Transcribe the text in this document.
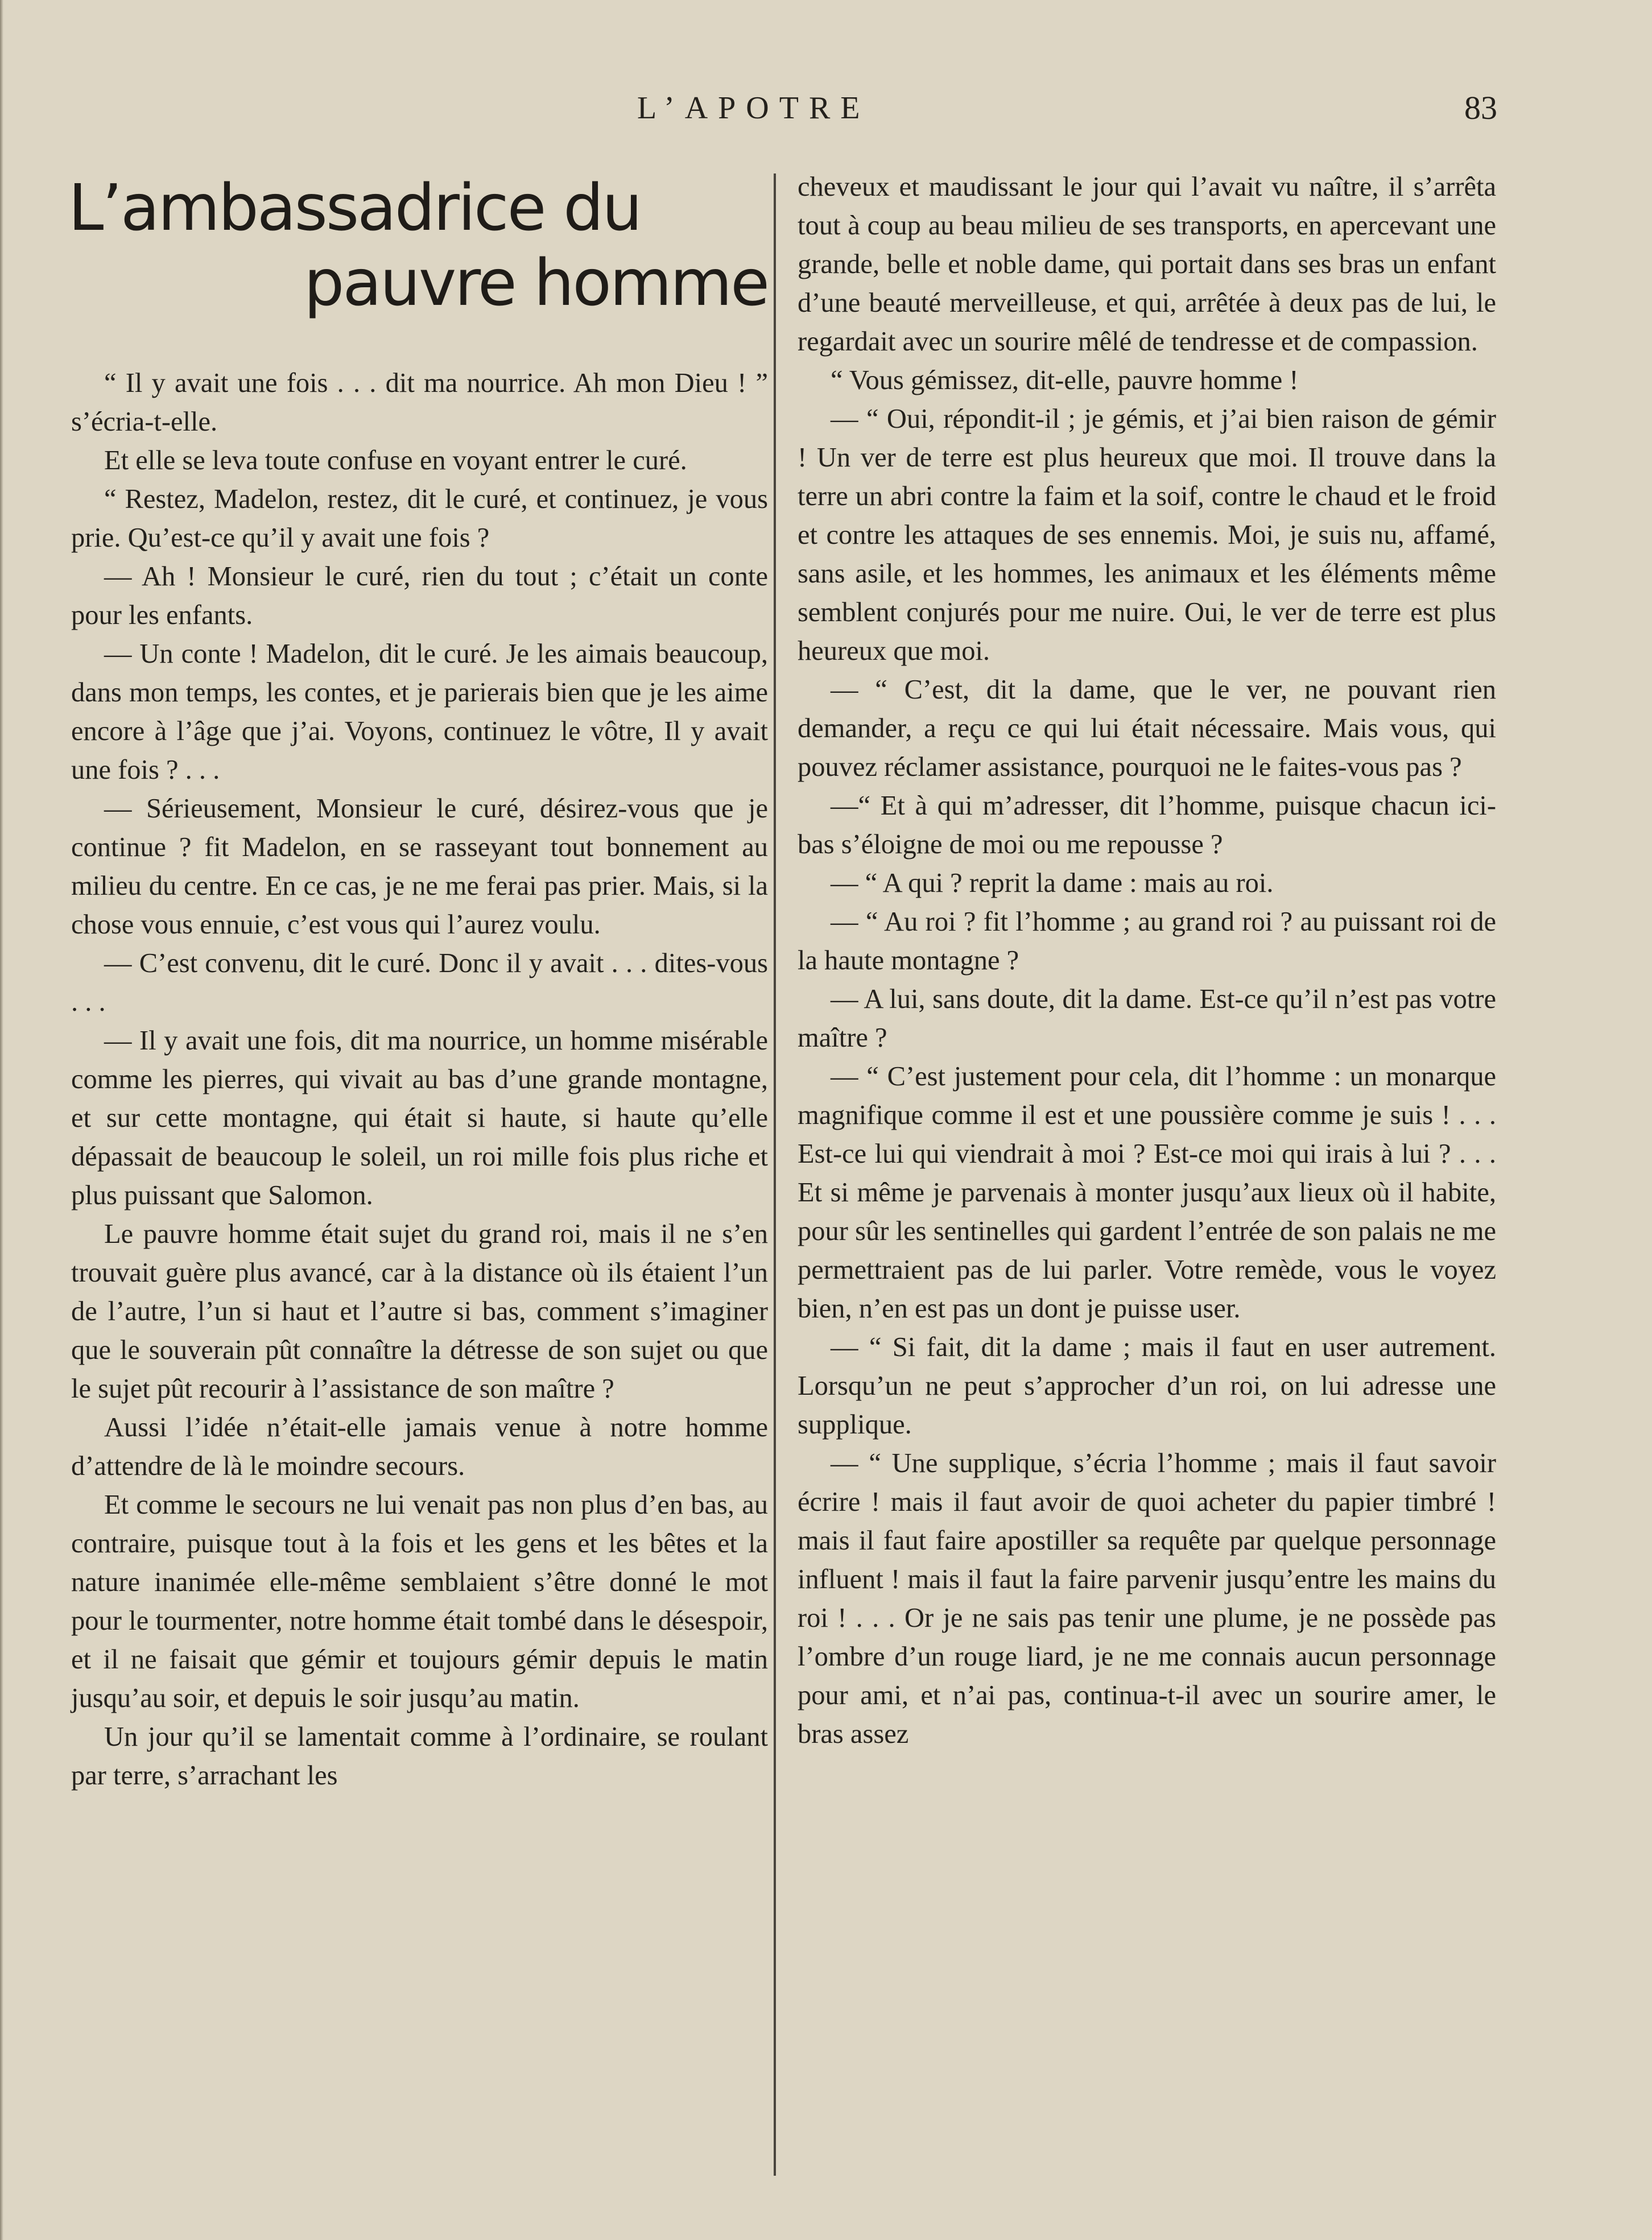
L’APOTRE	83
L’ambassadrice du
pauvre homme

“ Il y avait une fois . . . dit ma nourrice. Ah mon Dieu ! ” s’écria-t-elle.

Et elle se leva toute confuse en voyant entrer le curé.

“ Restez, Madelon, restez, dit le curé, et continuez, je vous prie. Qu’est-ce qu’il y avait une fois ?

— Ah ! Monsieur le curé, rien du tout ; c’était un conte pour les enfants.

— Un conte ! Madelon, dit le curé. Je les aimais beaucoup, dans mon temps, les contes, et je parierais bien que je les aime encore à l’âge que j’ai. Voyons, continuez le vôtre, Il y avait une fois ? . . .

— Sérieusement, Monsieur le curé, désirez-vous que je continue ? fit Madelon, en se rasseyant tout bonnement au milieu du centre. En ce cas, je ne me ferai pas prier. Mais, si la chose vous ennuie, c’est vous qui l’aurez voulu.

— C’est convenu, dit le curé. Donc il y avait . . . dites-vous . . .

— Il y avait une fois, dit ma nourrice, un homme misérable comme les pierres, qui vivait au bas d’une grande montagne, et sur cette montagne, qui était si haute, si haute qu’elle dépassait de beaucoup le soleil, un roi mille fois plus riche et plus puissant que Salomon.

Le pauvre homme était sujet du grand roi, mais il ne s’en trouvait guère plus avancé, car à la distance où ils étaient l’un de l’autre, l’un si haut et l’autre si bas, comment s’imaginer que le souverain pût connaître la détresse de son sujet ou que le sujet pût recourir à l’assistance de son maître ?

Aussi l’idée n’était-elle jamais venue à notre homme d’attendre de là le moindre secours.

Et comme le secours ne lui venait pas non plus d’en bas, au contraire, puisque tout à la fois et les gens et les bêtes et la nature inanimée elle-même semblaient s’être donné le mot pour le tourmenter, notre homme était tombé dans le désespoir, et il ne faisait que gémir et toujours gémir depuis le matin jusqu’au soir, et depuis le soir jusqu’au matin.

Un jour qu’il se lamentait comme à l’ordinaire, se roulant par terre, s’arrachant les

cheveux et maudissant le jour qui l’avait vu naître, il s’arrêta tout à coup au beau milieu de ses transports, en apercevant une grande, belle et noble dame, qui portait dans ses bras un enfant d’une beauté merveilleuse, et qui, arrêtée à deux pas de lui, le regardait avec un sourire mêlé de tendresse et de compassion.

“ Vous gémissez, dit-elle, pauvre homme !

— “ Oui, répondit-il ; je gémis, et j’ai bien raison de gémir ! Un ver de terre est plus heureux que moi. Il trouve dans la terre un abri contre la faim et la soif, contre le chaud et le froid et contre les attaques de ses ennemis. Moi, je suis nu, affamé, sans asile, et les hommes, les animaux et les éléments même semblent conjurés pour me nuire. Oui, le ver de terre est plus heureux que moi.

— “ C’est, dit la dame, que le ver, ne pouvant rien demander, a reçu ce qui lui était nécessaire. Mais vous, qui pouvez réclamer assistance, pourquoi ne le faites-vous pas ?

—“ Et à qui m’adresser, dit l’homme, puisque chacun ici-bas s’éloigne de moi ou me repousse ?

— “ A qui ? reprit la dame : mais au roi.

— “ Au roi ? fit l’homme ; au grand roi ? au puissant roi de la haute montagne ?

— A lui, sans doute, dit la dame. Est-ce qu’il n’est pas votre maître ?

— “ C’est justement pour cela, dit l’homme : un monarque magnifique comme il est et une poussière comme je suis ! . . . Est-ce lui qui viendrait à moi ? Est-ce moi qui irais à lui ? . . . Et si même je parvenais à monter jusqu’aux lieux où il habite, pour sûr les sentinelles qui gardent l’entrée de son palais ne me permettraient pas de lui parler. Votre remède, vous le voyez bien, n’en est pas un dont je puisse user.

— “ Si fait, dit la dame ; mais il faut en user autrement. Lorsqu’un ne peut s’approcher d’un roi, on lui adresse une supplique.

— “ Une supplique, s’écria l’homme ; mais il faut savoir écrire ! mais il faut avoir de quoi acheter du papier timbré ! mais il faut faire apostiller sa requête par quelque personnage influent ! mais il faut la faire parvenir jusqu’entre les mains du roi ! . . . Or je ne sais pas tenir une plume, je ne possède pas l’ombre d’un rouge liard, je ne me connais aucun personnage pour ami, et n’ai pas, continua-t-il avec un sourire amer, le bras assez
